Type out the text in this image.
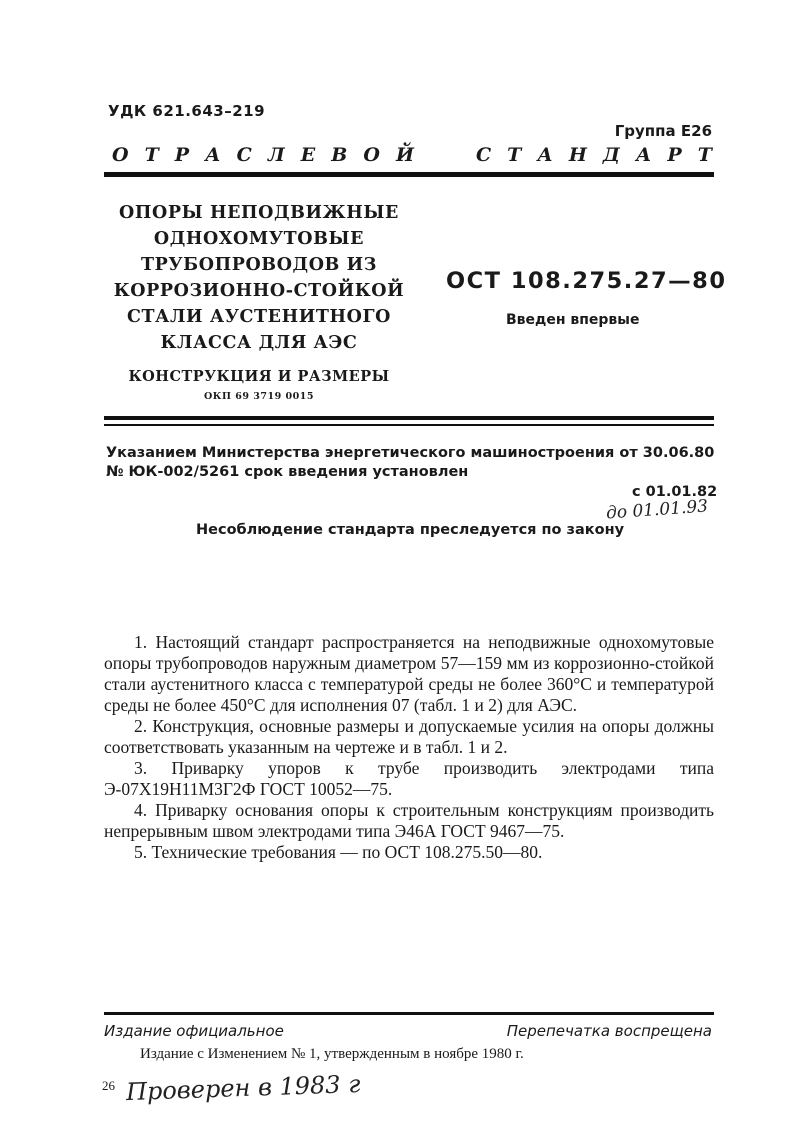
УДК 621.643–219
Группа Е26
О Т Р А С Л Е В О Й	С Т А Н Д А Р Т
ОПОРЫ НЕПОДВИЖНЫЕ
ОДНОХОМУТОВЫЕ
ТРУБОПРОВОДОВ ИЗ
КОРРОЗИОННО-СТОЙКОЙ
СТАЛИ АУСТЕНИТНОГО
КЛАССА ДЛЯ АЭС
КОНСТРУКЦИЯ И РАЗМЕРЫ
ОКП 69 3719 0015
ОСТ 108.275.27—80
Введен впервые
Указанием Министерства энергетического машиностроения от 30.06.80
№ ЮК-002/5261 срок введения установлен
с 01.01.82
до 01.01.93
Несоблюдение стандарта преследуется по закону

1. Настоящий стандарт распространяется на неподвижные однохомутовые опоры трубопроводов наружным диаметром 57—159 мм из коррозионно-стойкой стали аустенитного класса с температурой среды не более 360°С и температурой среды не более 450°С для исполнения 07 (табл. 1 и 2) для АЭС.

2. Конструкция, основные размеры и допускаемые усилия на опоры должны соответствовать указанным на чертеже и в табл. 1 и 2.

3. Приварку упоров к трубе производить электродами типа Э-07Х19Н11М3Г2Ф ГОСТ 10052—75.

4. Приварку основания опоры к строительным конструкциям производить непрерывным швом электродами типа Э46А ГОСТ 9467—75.

5. Технические требования — по ОСТ 108.275.50—80.

Издание официальное	Перепечатка воспрещена
Издание с Изменением № 1, утвержденным в ноябре 1980 г.
26 Проверен в 1983 г
